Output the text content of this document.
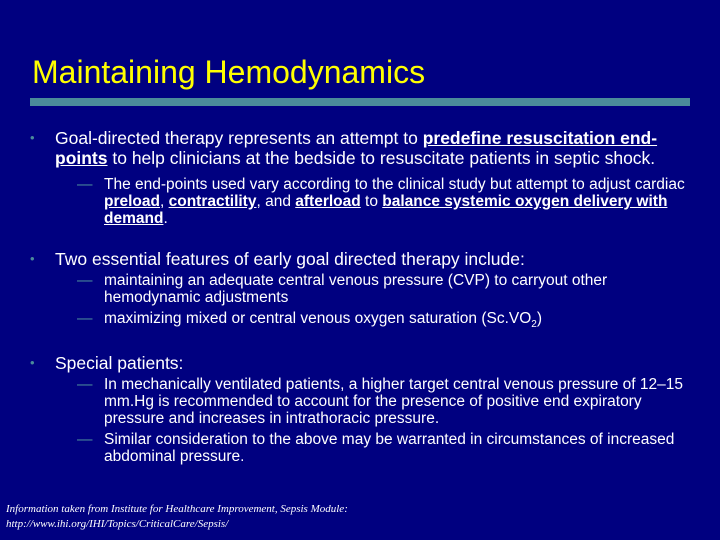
Maintaining Hemodynamics
• Goal-directed therapy represents an attempt to predefine resuscitation end-points to help clinicians at the bedside to resuscitate patients in septic shock.
— The end-points used vary according to the clinical study but attempt to adjust cardiac preload, contractility, and afterload to balance systemic oxygen delivery with demand.
• Two essential features of early goal directed therapy include:
— maintaining an adequate central venous pressure (CVP) to carryout other hemodynamic adjustments
— maximizing mixed or central venous oxygen saturation $(Sc.VO_2)$
• Special patients:
— In mechanically ventilated patients, a higher target central venous pressure of 12–15 mm.Hg is recommended to account for the presence of positive end expiratory pressure and increases in intrathoracic pressure.
— Similar consideration to the above may be warranted in circumstances of increased abdominal pressure.
Information taken from Institute for Healthcare Improvement, Sepsis Module:
http://www.ihi.org/IHI/Topics/CriticalCare/Sepsis/
